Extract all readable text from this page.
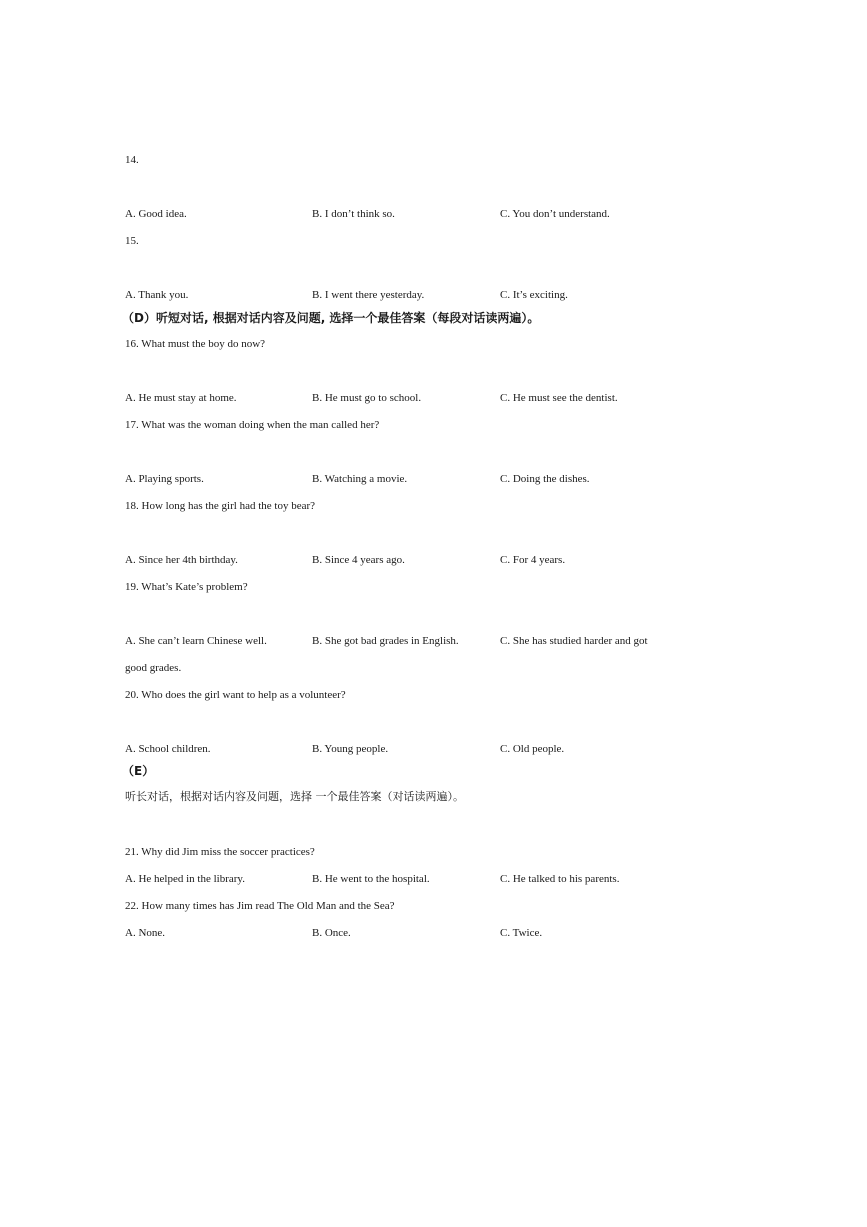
14.
A. Good idea.	B. I don’t think so.	C. You don’t understand.
15.
A. Thank you.	B. I went there yesterday.	C. It’s exciting.
（D）听短对话, 根据对话内容及问题, 选择一个最佳答案（每段对话读两遍）。
16. What must the boy do now?
A. He must stay at home.	B. He must go to school.	C. He must see the dentist.
17. What was the woman doing when the man called her?
A. Playing sports.	B. Watching a movie.	C. Doing the dishes.
18. How long has the girl had the toy bear?
A. Since her 4th birthday.	B. Since 4 years ago.	C. For 4 years.
19. What’s Kate’s problem?
A. She can’t learn Chinese well.	B. She got bad grades in English.	C. She has studied harder and got
good grades.
20. Who does the girl want to help as a volunteer?
A. School children.	B. Young people.	C. Old people.
（E）
听长对话，根据对话内容及问题，选择 一个最佳答案（对话读两遍）。
21. Why did Jim miss the soccer practices?
A. He helped in the library.	B. He went to the hospital.	C. He talked to his parents.
22. How many times has Jim read The Old Man and the Sea?
A. None.	B. Once.	C. Twice.
